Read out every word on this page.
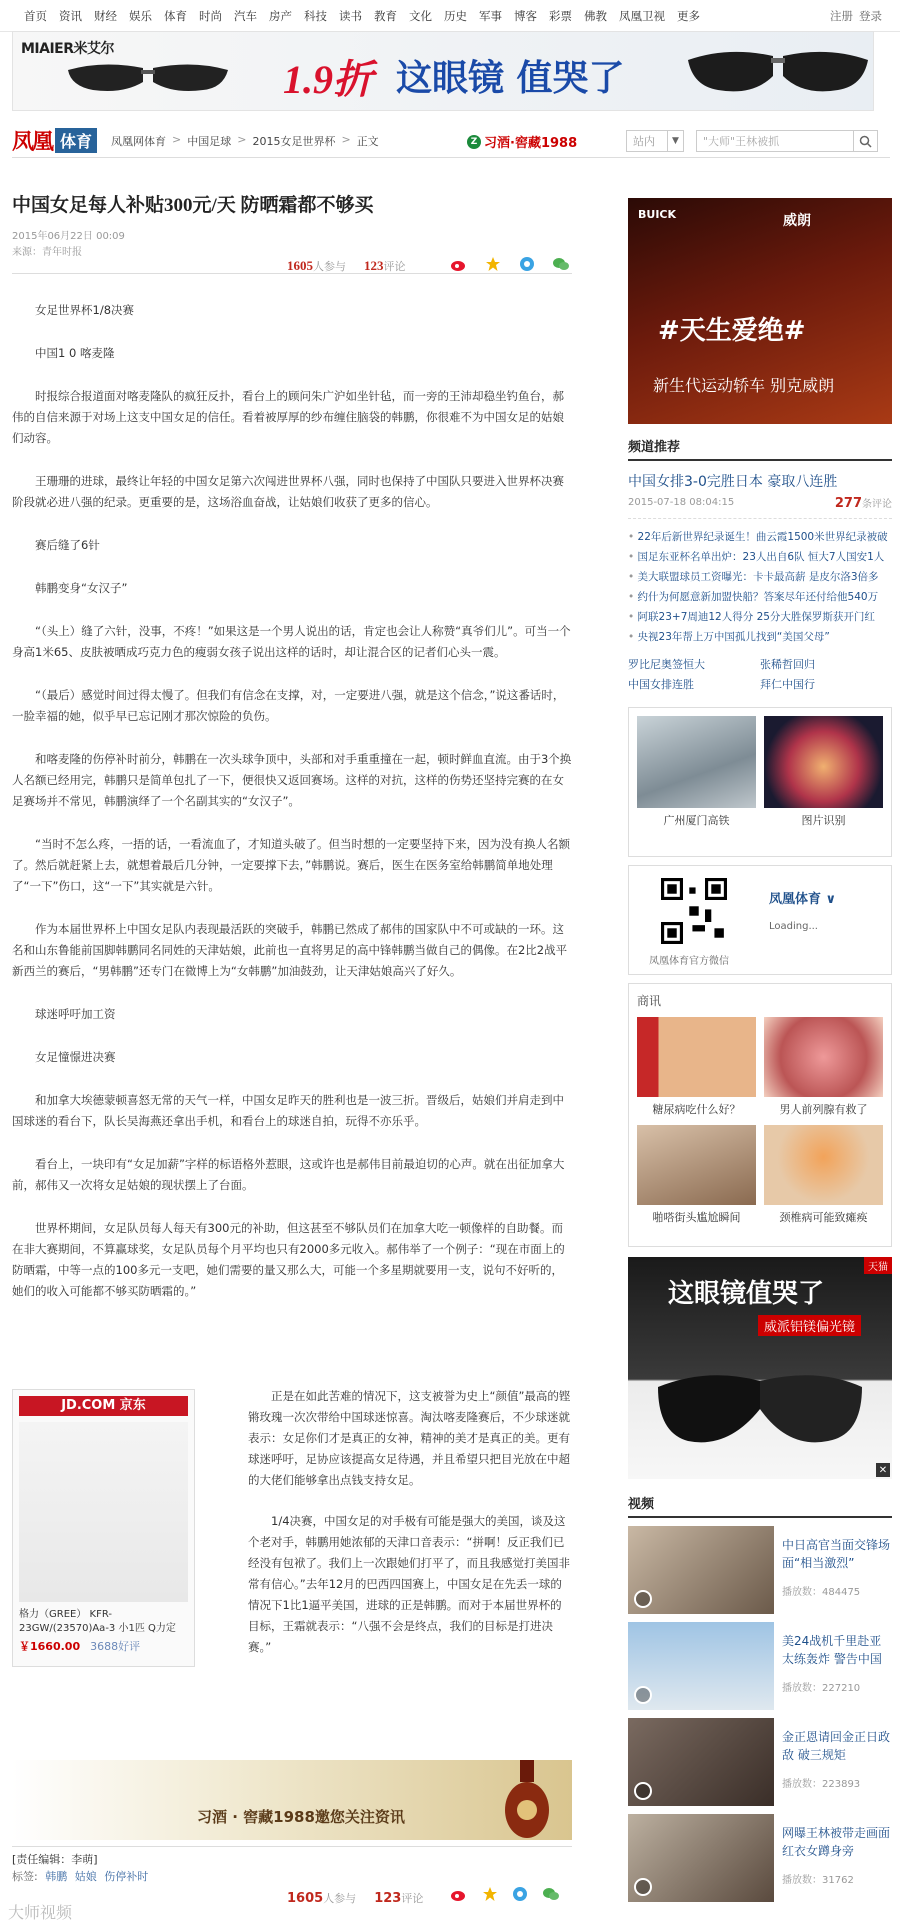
首页	资讯	财经	娱乐	体育	时尚	汽车	房产	科技	读书	教育	文化	历史	军事	博客	彩票	佛教	凤凰卫视	更多	注册 登录
MIAIER米艾尔
1.9折 这眼镜 值哭了
凤凰 体育	凤凰网体育 > 中国足球 > 2015女足世界杯 > 正文	Z 习酒·窖藏1988	站内	▼	"大师"王林被抓
中国女足每人补贴300元/天 防晒霜都不够买
2015年06月22日 00:09
来源：青年时报
1605人参与 123评论

女足世界杯1/8决赛

中国1 0 喀麦隆

时报综合报道面对喀麦隆队的疯狂反扑，看台上的顾问朱广沪如坐针毡，而一旁的王沛却稳坐钓鱼台，郝伟的自信来源于对场上这支中国女足的信任。看着被厚厚的纱布缠住脑袋的韩鹏，你很难不为中国女足的姑娘们动容。

王珊珊的进球，最终让年轻的中国女足第六次闯进世界杯八强，同时也保持了中国队只要进入世界杯决赛阶段就必进八强的纪录。更重要的是，这场浴血奋战，让姑娘们收获了更多的信心。

赛后缝了6针

韩鹏变身“女汉子”

“（头上）缝了六针，没事，不疼！”如果这是一个男人说出的话，肯定也会让人称赞“真爷们儿”。可当一个身高1米65、皮肤被晒成巧克力色的瘦弱女孩子说出这样的话时，却让混合区的记者们心头一震。

“（最后）感觉时间过得太慢了。但我们有信念在支撑，对，一定要进八强，就是这个信念，”说这番话时，一脸幸福的她，似乎早已忘记刚才那次惊险的负伤。

和喀麦隆的伤停补时前分，韩鹏在一次头球争顶中，头部和对手重重撞在一起，顿时鲜血直流。由于3个换人名额已经用完，韩鹏只是简单包扎了一下，便很快又返回赛场。这样的对抗，这样的伤势还坚持完赛的在女足赛场并不常见，韩鹏演绎了一个名副其实的“女汉子”。

“当时不怎么疼，一捂的话，一看流血了，才知道头破了。但当时想的一定要坚持下来，因为没有换人名额了。然后就赶紧上去，就想着最后几分钟，一定要撑下去，”韩鹏说。赛后，医生在医务室给韩鹏简单地处理了“一下”伤口，这“一下”其实就是六针。

作为本届世界杯上中国女足队内表现最活跃的突破手，韩鹏已然成了郝伟的国家队中不可或缺的一环。这名和山东鲁能前国脚韩鹏同名同姓的天津姑娘，此前也一直将男足的高中锋韩鹏当做自己的偶像。在2比2战平新西兰的赛后，“男韩鹏”还专门在微博上为“女韩鹏”加油鼓劲，让天津姑娘高兴了好久。

球迷呼吁加工资

女足憧憬进决赛

和加拿大埃德蒙顿喜怒无常的天气一样，中国女足昨天的胜利也是一波三折。晋级后，姑娘们并肩走到中国球迷的看台下，队长吴海燕还拿出手机，和看台上的球迷自拍，玩得不亦乐乎。

看台上，一块印有“女足加薪”字样的标语格外惹眼，这或许也是郝伟目前最迫切的心声。就在出征加拿大前，郝伟又一次将女足姑娘的现状摆上了台面。

世界杯期间，女足队员每人每天有300元的补助，但这甚至不够队员们在加拿大吃一顿像样的自助餐。而在非大赛期间，不算赢球奖，女足队员每个月平均也只有2000多元收入。郝伟举了一个例子：“现在市面上的防晒霜，中等一点的100多元一支吧，她们需要的量又那么大，可能一个多星期就要用一支，说句不好听的，她们的收入可能都不够买防晒霜的。”

JD.COM 京东
格力（GREE） KFR-23GW/(23570)Aa-3 小1匹 Q力定
￥1660.00 3688好评

正是在如此苦难的情况下，这支被誉为史上“颜值”最高的铿锵玫瑰一次次带给中国球迷惊喜。淘汰喀麦隆赛后，不少球迷就表示：女足你们才是真正的女神，精神的美才是真正的美。更有球迷呼吁，足协应该提高女足待遇，并且希望只把目光放在中超的大佬们能够拿出点钱支持女足。

1/4决赛，中国女足的对手极有可能是强大的美国，谈及这个老对手，韩鹏用她浓郁的天津口音表示：“拼啊！反正我们已经没有包袱了。我们上一次跟她们打平了，而且我感觉打美国非常有信心。”去年12月的巴西四国赛上，中国女足在先丢一球的情况下1比1逼平美国，进球的正是韩鹏。而对于本届世界杯的目标，王霜就表示：“八强不会是终点，我们的目标是打进决赛。”

习酒 · 窖藏1988邀您关注资讯
[责任编辑：李萌]
标签: 韩鹏 姑娘 伤停补时
1605人参与 123评论
大师视频
BUICK	威朗
#天生爱绝#
新生代运动轿车 别克威朗
频道推荐
中国女排3-0完胜日本 豪取八连胜
2015-07-18 08:04:15	277条评论
• 22年后新世界纪录诞生！曲云霞1500米世界纪录被破
• 国足东亚杯名单出炉：23人出自6队 恒大7人国安1人
• 美大联盟球员工资曝光：卡卡最高薪 是皮尔洛3倍多
• 约什为何愿意新加盟快船？答案尽年还付给他540万
• 阿联23+7周迪12人得分 25分大胜保罗斯获开门红
• 央视23年帮上万中国孤儿找到“美国父母”
罗比尼奥签恒大	张稀哲回归
中国女排连胜	拜仁中国行
广州厦门高铁	图片识别
凤凰体育官方微信
凤凰体育 ∨
Loading...
商讯
糖尿病吃什么好？	男人前列腺有救了
啪嗒街头尴尬瞬间	颈椎病可能致瘫痪
天猫
这眼镜值哭了
威派铝镁偏光镜
✕
视频
中日高官当面交锋场面“相当激烈”
播放数：484475
美24战机千里赴亚太练轰炸 警告中国
播放数：227210
金正恩请回金正日政敌 破三规矩
播放数：223893
网曝王林被带走画面 红衣女蹲身旁
播放数：31762
